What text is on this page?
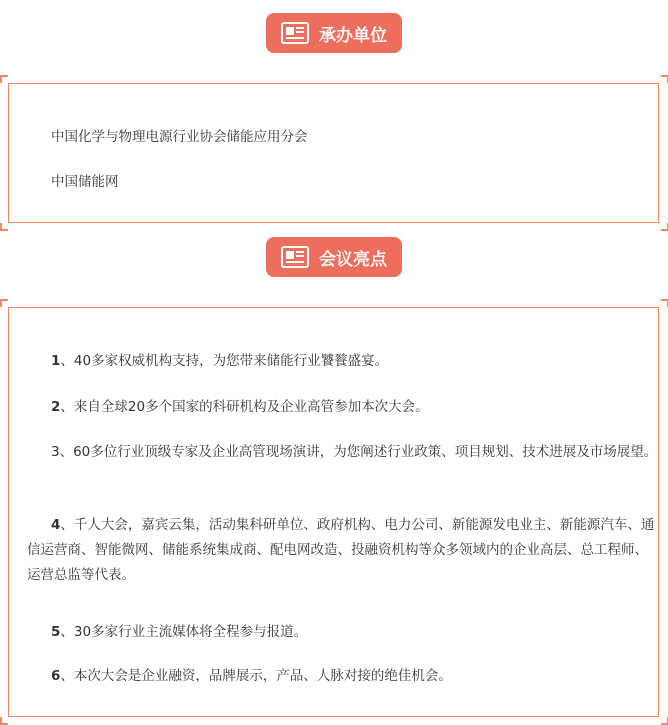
承办单位
中国化学与物理电源行业协会储能应用分会
中国储能网
会议亮点
1、40多家权威机构支持，为您带来储能行业饕餮盛宴。
2、来自全球20多个国家的科研机构及企业高管参加本次大会。
3、60多位行业顶级专家及企业高管现场演讲，为您阐述行业政策、项目规划、技术进展及市场展望。
4、千人大会，嘉宾云集，活动集科研单位、政府机构、电力公司、新能源发电业主、新能源汽车、通信运营商、智能微网、储能系统集成商、配电网改造、投融资机构等众多领域内的企业高层、总工程师、运营总监等代表。
5、30多家行业主流媒体将全程参与报道。
6、本次大会是企业融资，品牌展示，产品、人脉对接的绝佳机会。
